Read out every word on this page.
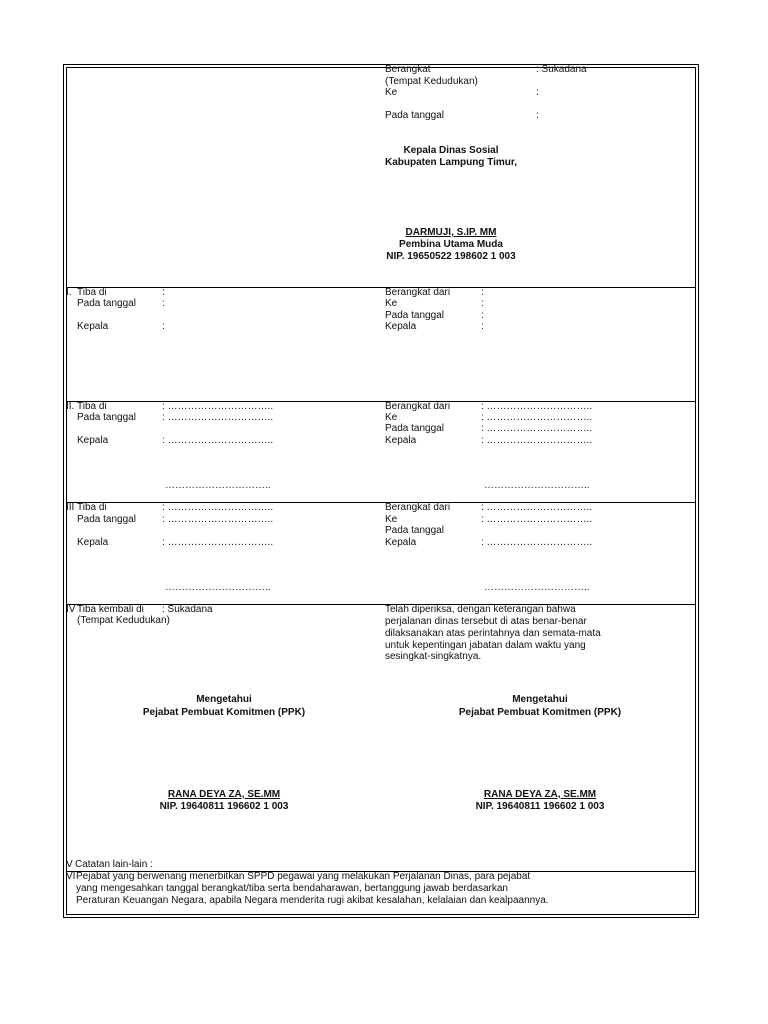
Berangkat	: Sukadana
(Tempat Kedudukan)
Ke	:
Pada tanggal	:
Kepala Dinas Sosial
Kabupaten Lampung Timur,
DARMUJI, S.IP. MM
Pembina Utama Muda
NIP. 19650522 198602 1 003
I. Tiba di	:
Pada tanggal	:
Kepala	:
Berangkat dari	:
Ke	:
Pada tanggal	:
Kepala	:
II. Tiba di	: …………………………..
Pada tanggal	: …………………………..
Kepala	: …………………………..
Berangkat dari	: …………………………..
Ke	: …………………………..
Pada tanggal	: …………………………..
Kepala	: …………………………..
…………………………..	…………………………..
III Tiba di	: …………………………..
Pada tanggal	: …………………………..
Kepala	: …………………………..
Berangkat dari	: …………………………..
Ke	: …………………………..
Pada tanggal
Kepala	: …………………………..
…………………………..	…………………………..
IV Tiba kembali di : Sukadana
(Tempat Kedudukan)
Telah diperiksa, dengan keterangan bahwa
perjalanan dinas tersebut di atas benar-benar
dilaksanakan atas perintahnya dan semata-mata
untuk kepentingan jabatan dalam waktu yang
sesingkat-singkatnya.
Mengetahui
Pejabat Pembuat Komitmen (PPK)
RANA DEYA ZA, SE.MM
NIP. 19640811 196602 1 003
Mengetahui
Pejabat Pembuat Komitmen (PPK)
RANA DEYA ZA, SE.MM
NIP. 19640811 196602 1 003
V Catatan lain-lain :
VI Pejabat yang berwenang menerbitkan SPPD pegawai yang melakukan Perjalanan Dinas, para pejabat
yang mengesahkan tanggal berangkat/tiba serta bendaharawan, bertanggung jawab berdasarkan
Peraturan Keuangan Negara, apabila Negara menderita rugi akibat kesalahan, kelalaian dan kealpaannya.
